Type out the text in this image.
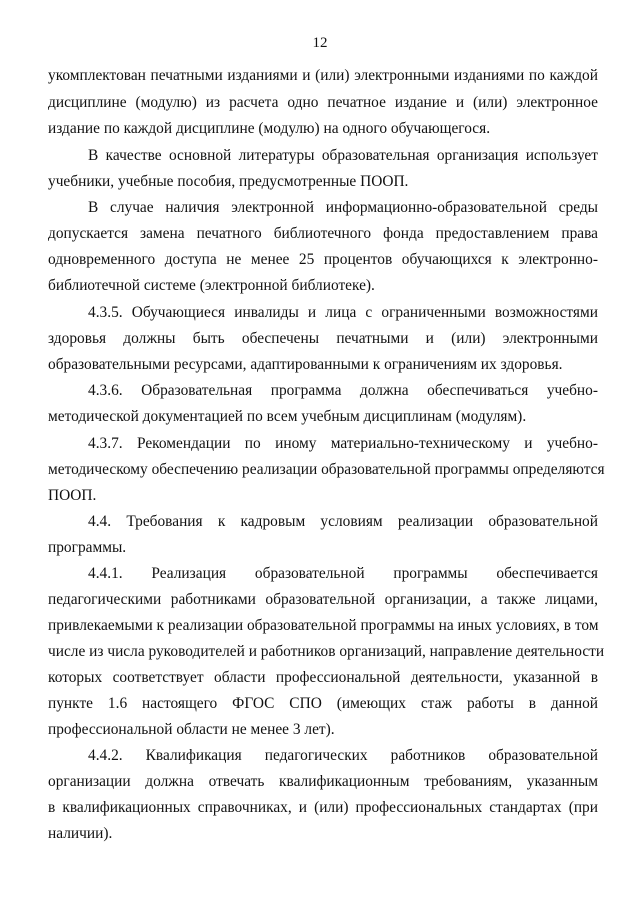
12
укомплектован печатными изданиями и (или) электронными изданиями по каждой
дисциплине (модулю) из расчета одно печатное издание и (или) электронное
издание по каждой дисциплине (модулю) на одного обучающегося.
В качестве основной литературы образовательная организация использует
учебники, учебные пособия, предусмотренные ПООП.
В случае наличия электронной информационно-образовательной среды
допускается замена печатного библиотечного фонда предоставлением права
одновременного доступа не менее 25 процентов обучающихся к электронно-
библиотечной системе (электронной библиотеке).
4.3.5. Обучающиеся инвалиды и лица с ограниченными возможностями
здоровья должны быть обеспечены печатными и (или) электронными
образовательными ресурсами, адаптированными к ограничениям их здоровья.
4.3.6. Образовательная программа должна обеспечиваться учебно-
методической документацией по всем учебным дисциплинам (модулям).
4.3.7. Рекомендации по иному материально-техническому и учебно-
методическому обеспечению реализации образовательной программы определяются
ПООП.
4.4. Требования к кадровым условиям реализации образовательной
программы.
4.4.1. Реализация образовательной программы обеспечивается
педагогическими работниками образовательной организации, а также лицами,
привлекаемыми к реализации образовательной программы на иных условиях, в том
числе из числа руководителей и работников организаций, направление деятельности
которых соответствует области профессиональной деятельности, указанной в
пункте 1.6 настоящего ФГОС СПО (имеющих стаж работы в данной
профессиональной области не менее 3 лет).
4.4.2. Квалификация педагогических работников образовательной
организации должна отвечать квалификационным требованиям, указанным
в квалификационных справочниках, и (или) профессиональных стандартах (при
наличии).
